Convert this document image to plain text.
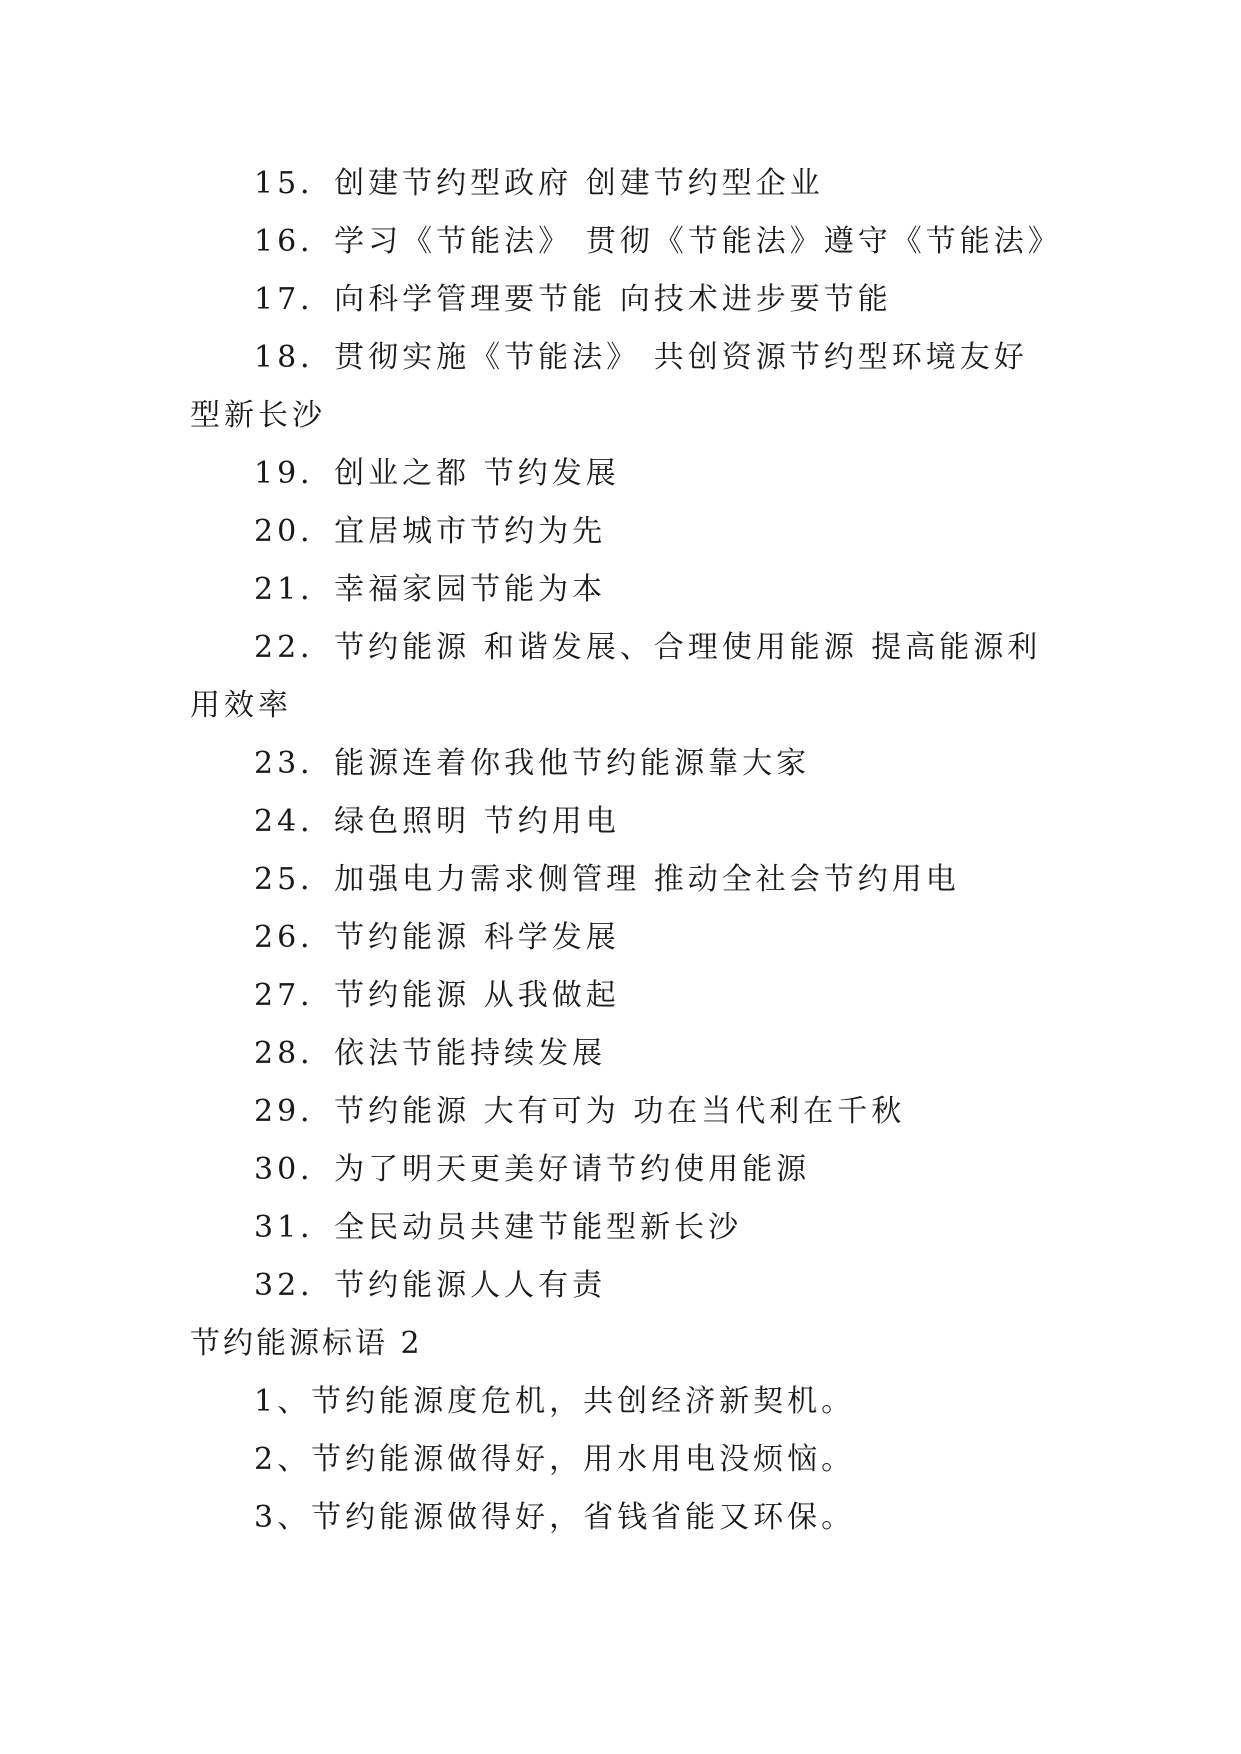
15．创建节约型政府 创建节约型企业

16．学习《节能法》 贯彻《节能法》遵守《节能法》

17．向科学管理要节能 向技术进步要节能

18．贯彻实施《节能法》 共创资源节约型环境友好型新长沙

19．创业之都 节约发展

20．宜居城市节约为先

21．幸福家园节能为本

22．节约能源 和谐发展、合理使用能源 提高能源利用效率

23．能源连着你我他节约能源靠大家

24．绿色照明 节约用电

25．加强电力需求侧管理 推动全社会节约用电

26．节约能源 科学发展

27．节约能源 从我做起

28．依法节能持续发展

29．节约能源 大有可为 功在当代利在千秋

30．为了明天更美好请节约使用能源

31．全民动员共建节能型新长沙

32．节约能源人人有责

节约能源标语 2

1、节约能源度危机，共创经济新契机。

2、节约能源做得好，用水用电没烦恼。

3、节约能源做得好，省钱省能又环保。
